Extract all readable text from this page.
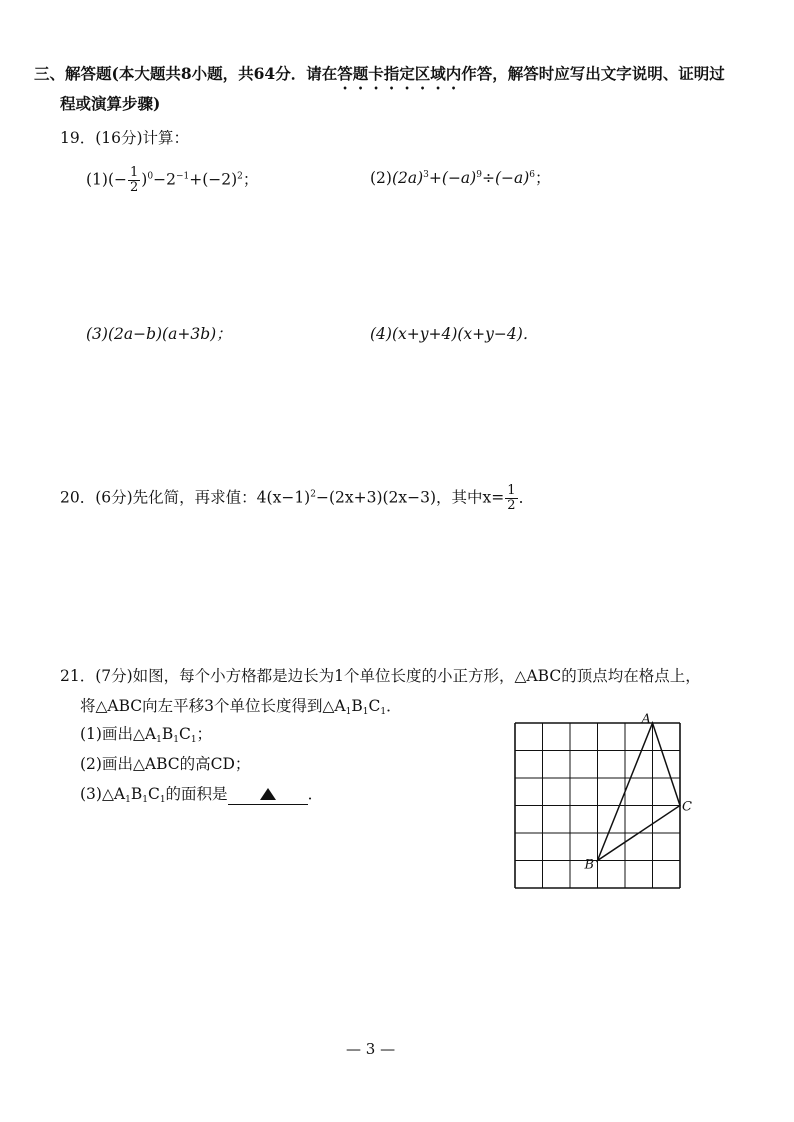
三、解答题(本大题共8小题，共64分．请在答题卡指定区域内作答，解答时应写出文字说明、证明过
程或演算步骤)
19．(16分)计算：
$(1)(- \frac{1}{2} )^0-2^{-1}+(-2)^2$；	$(2)(2a)^3+(-a)^9\div(-a)^6$；
(3)(2a−b)(a+3b)；	(4)(x+y+4)(x+y−4)．
20．(6分)先化简，再求值：$4(x-1)^2-(2x+3)(2x-3)$，其中$x= \frac{1}{2}$ ．
21．(7分)如图，每个小方格都是边长为1个单位长度的小正方形，△ABC的顶点均在格点上，
将△ABC向左平移3个单位长度得到$\triangle A_1B_1C_1$．
(1)画出$\triangle A_1B_1C_1$；
(2)画出△ABC的高CD；
$(3)\triangle A_1B_1C_1$的面积是	．
A
B
C
— 3 —
